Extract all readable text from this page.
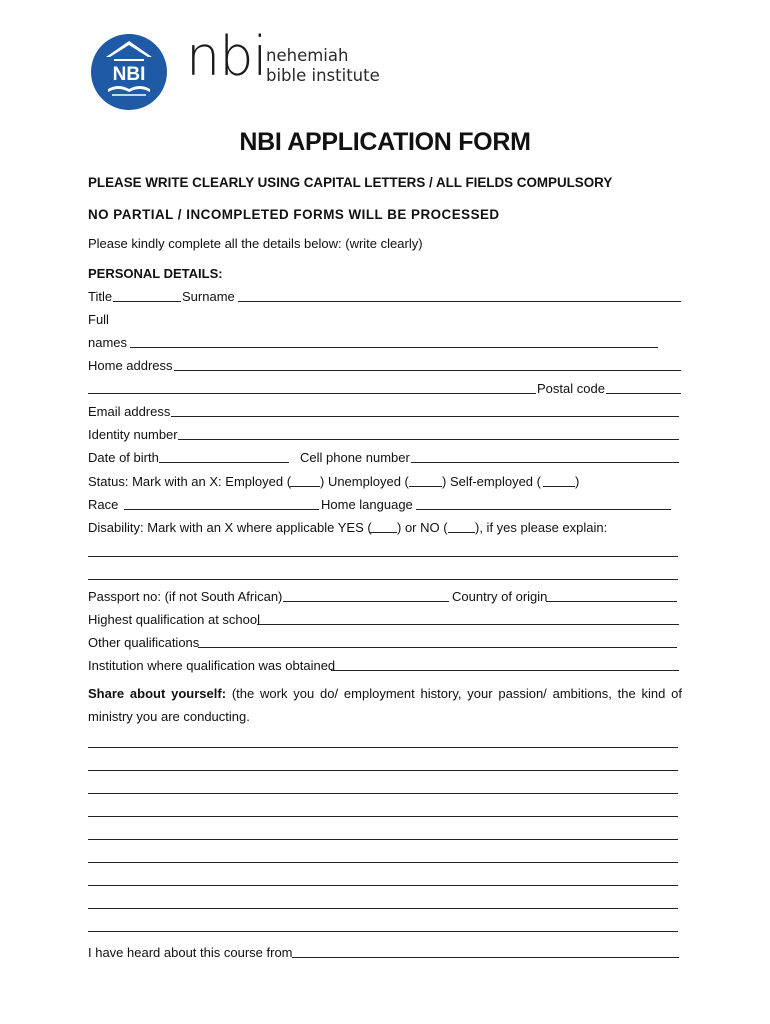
NBI nbi nehemiah
bible institute
NBI APPLICATION FORM
PLEASE WRITE CLEARLY USING CAPITAL LETTERS / ALL FIELDS COMPULSORY
NO PARTIAL / INCOMPLETED FORMS WILL BE PROCESSED
Please kindly complete all the details below: (write clearly)
PERSONAL DETAILS:
Title	Surname
Full
names
Home address
Postal code
Email address
Identity number
Date of birth	Cell phone number
Status: Mark with an X: Employed ( ) Unemployed (	) Self-employed (	)
Race	Home language
Disability: Mark with an X where applicable YES ( ) or NO ( ), if yes please explain:
Passport no: (if not South African)	Country of origin
Highest qualification at school
Other qualifications
Institution where qualification was obtained
Share about yourself: (the work you do/ employment history, your passion/ ambitions, the kind of ministry you are conducting.
I have heard about this course from
